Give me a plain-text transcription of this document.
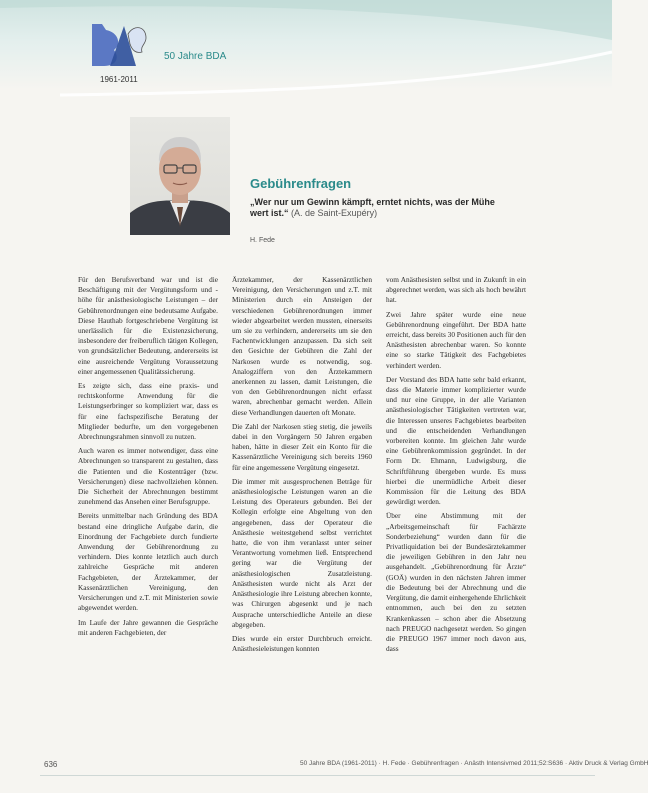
1961-2011
50 Jahre BDA
Gebührenfragen
„Wer nur um Gewinn kämpft, erntet nichts, was der Mühe wert ist.“ (A. de Saint-Exupéry)
H. Fede

Für den Berufsverband war und ist die Beschäftigung mit der Vergütungsform und -höhe für anästhesiologische Leistungen – der Gebührenordnungen eine bedeutsame Aufgabe. Diese Hauthab fortgeschriebene Vergütung ist unerlässlich für die Existenzsicherung, insbesondere der freiberuflich tätigen Kollegen, von grundsätzlicher Bedeutung, andererseits ist eine ausreichende Vergütung Voraussetzung einer angemessenen Qualitätssicherung.

Es zeigte sich, dass eine praxis- und rechtskonforme Anwendung für die Leistungserbringer so kompliziert war, dass es für eine fachspezifische Beratung der Mitglieder bedurfte, um den vorgegebenen Abrechnungsrahmen sinnvoll zu nutzen.

Auch waren es immer notwendiger, dass eine Abrechnungen so transparent zu gestalten, dass die Patienten und die Kostenträger (bzw. Versicherungen) diese nachvollziehen können. Die Sicherheit der Abrechnungen bestimmt zunehmend das Ansehen einer Berufsgruppe.

Bereits unmittelbar nach Gründung des BDA bestand eine dringliche Aufgabe darin, die Einordnung der Fachgebiete durch fundierte Anwendung der Gebührenordnung zu verhindern. Dies konnte letztlich auch durch zahlreiche Gespräche mit anderen Fachgebieten, der Ärztekammer, der Kassenärztlichen Vereinigung, den Versicherungen und z.T. mit Ministerien sowie abgewendet werden.

Im Laufe der Jahre gewannen die Gespräche mit anderen Fachgebieten, der

Ärztekammer, der Kassenärztlichen Vereinigung, den Versicherungen und z.T. mit Ministerien durch ein Ansteigen der verschiedenen Gebührenordnungen immer wieder abgearbeitet werden mussten, einerseits um sie zu verhindern, andererseits um sie den Fachentwicklungen anzupassen. Da sich seit den Gesichte der Gebühren die Zahl der Narkosen wurde es notwendig, sog. Analogziffern von den Ärztekammern anerkennen zu lassen, damit Leistungen, die von den Gebührenordnungen nicht erfasst waren, abrechenbar gemacht werden. Allein diese Verhandlungen dauerten oft Monate.

Die Zahl der Narkosen stieg stetig, die jeweils dabei in den Vorgängern 50 Jahren ergaben haben, hätte in dieser Zeit ein Konto für die Kassenärztliche Vereinigung sich bereits 1960 für eine angemessene Vergütung eingesetzt.

Die immer mit ausgesprochenen Beträge für anästhesiologische Leistungen waren an die Leistung des Operateurs gebunden. Bei der Kollegin erfolgte eine Abgeltung von den angegebenen, dass der Operateur die Anästhesie weitestgehend selbst verrichtet hatte, die von ihm veranlasst unter seiner Verantwortung vornehmen ließ. Entsprechend gering war die Vergütung der anästhesiologischen Zusatzleistung. Anästhesisten wurde nicht als Arzt der Anästhesiologie ihre Leistung abrechen konnte, was Chirurgen abgesenkt und je nach Ausprache unterschiedliche Anteile an diese abgegeben.

Dies wurde ein erster Durchbruch erreicht. Anästhesieleistungen konnten

vom Anästhesisten selbst und in Zukunft in ein abgerechnet werden, was sich als hoch bewährt hat.

Zwei Jahre später wurde eine neue Gebührenordnung eingeführt. Der BDA hatte erreicht, dass bereits 30 Positionen auch für den Anästhesisten abrechenbar waren. So konnte eine so starke Tätigkeit des Fachgebietes verhindert werden.

Der Vorstand des BDA hatte sehr bald erkannt, dass die Materie immer komplizierter wurde und nur eine Gruppe, in der alle Varianten anästhesiologischer Tätigkeiten vertreten war, die Interessen unseres Fachgebietes bearbeiten und die entscheidenden Verhandlungen vorbereiten konnte. Im gleichen Jahr wurde eine Gebührenkommission gegründet. In der Form Dr. Ehmann, Ludwigsburg, die Schriftführung übergeben wurde. Es muss hierbei die unermüdliche Arbeit dieser Kommission für die Leitung des BDA gewürdigt werden.

Über eine Abstimmung mit der „Arbeitsgemeinschaft für Fachärzte Sonderbeziehung“ wurden dann für die Privatliquidation bei der Bundesärztekammer die jeweiligen Gebühren in den Jahr neu ausgehandelt. „Gebührenordnung für Ärzte“ (GOÄ) wurden in den nächsten Jahren immer die Bedeutung bei der Abrechnung und die Vergütung, die damit einhergehende Ehrlichkeit entnommen, auch bei den zu setzten Krankenkassen – schon aber die Absetzung nach PREUGO nachgesetzt werden. So gingen die PREUGO 1967 immer noch davon aus, dass

636	50 Jahre BDA (1961-2011) · H. Fede · Gebührenfragen · Anästh Intensivmed 2011;52:S636 · Aktiv Druck & Verlag GmbH
